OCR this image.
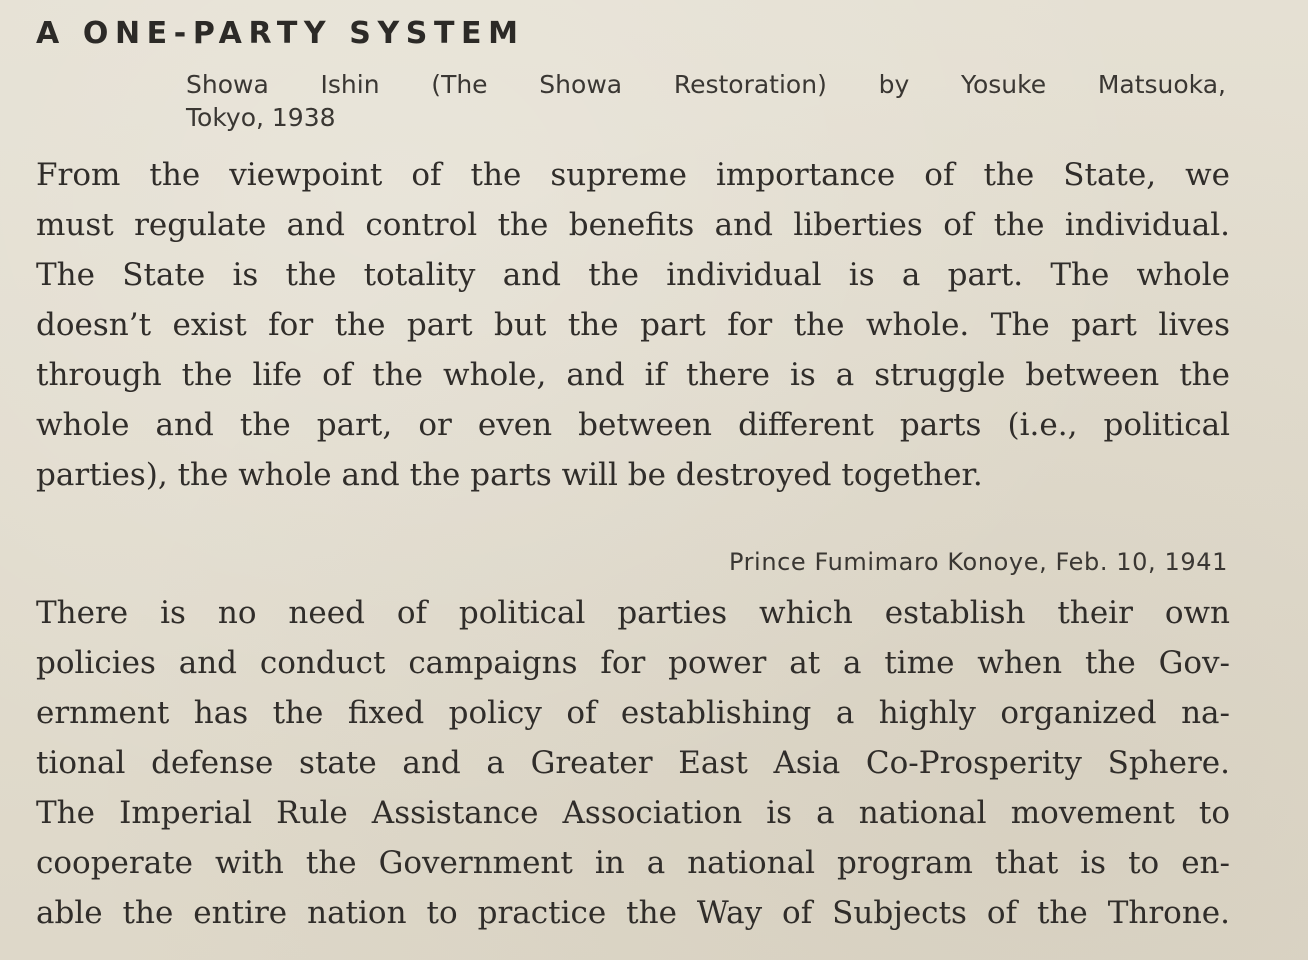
A ONE-PARTY SYSTEM
Showa Ishin (The Showa Restoration) by Yosuke Matsuoka,
Tokyo, 1938

From the viewpoint of the supreme importance of the State, we
must regulate and control the benefits and liberties of the individual.
The State is the totality and the individual is a part. The whole
doesn’t exist for the part but the part for the whole. The part lives
through the life of the whole, and if there is a struggle between the
whole and the part, or even between different parts (i.e., political
parties), the whole and the parts will be destroyed together.

Prince Fumimaro Konoye, Feb. 10, 1941

There is no need of political parties which establish their own
policies and conduct campaigns for power at a time when the Gov-
ernment has the fixed policy of establishing a highly organized na-
tional defense state and a Greater East Asia Co-Prosperity Sphere.
The Imperial Rule Assistance Association is a national movement to
cooperate with the Government in a national program that is to en-
able the entire nation to practice the Way of Subjects of the Throne.
